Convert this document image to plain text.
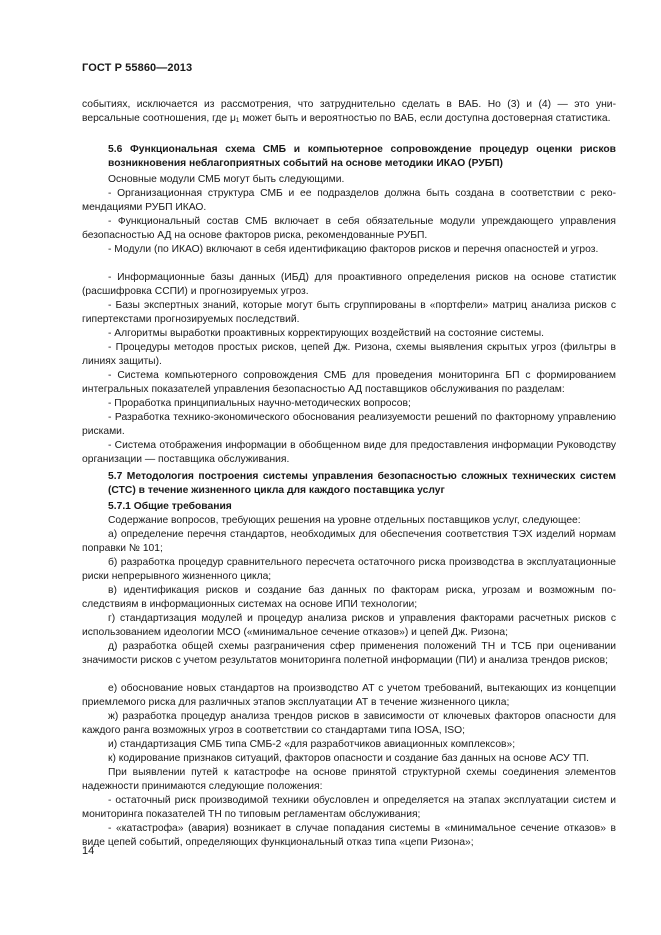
ГОСТ Р 55860—2013

событиях, исключается из рассмотрения, что затруднительно сделать в ВАБ. Но (3) и (4) — это универсальные соотношения, где μ₁ может быть и вероятностью по ВАБ, если доступна достоверная статистика.

5.6 Функциональная схема СМБ и компьютерное сопровождение процедур оценки рисков возникновения неблагоприятных событий на основе методики ИКАО (РУБП)

Основные модули СМБ могут быть следующими.

- Организационная структура СМБ и ее подразделов должна быть создана в соответствии с рекомендациями РУБП ИКАО.

- Функциональный состав СМБ включает в себя обязательные модули упреждающего управления безопасностью АД на основе факторов риска, рекомендованные РУБП.

- Модули (по ИКАО) включают в себя идентификацию факторов рисков и перечня опасностей и угроз.

- Информационные базы данных (ИБД) для проактивного определения рисков на основе статистик (расшифровка ССПИ) и прогнозируемых угроз.

- Базы экспертных знаний, которые могут быть сгруппированы в «портфели» матриц анализа рисков с гипертекстами прогнозируемых последствий.

- Алгоритмы выработки проактивных корректирующих воздействий на состояние системы.

- Процедуры методов простых рисков, цепей Дж. Ризона, схемы выявления скрытых угроз (фильтры в линиях защиты).

- Система компьютерного сопровождения СМБ для проведения мониторинга БП с формированием интегральных показателей управления безопасностью АД поставщиков обслуживания по разделам:

- Проработка принципиальных научно-методических вопросов;

- Разработка технико-экономического обоснования реализуемости решений по факторному управлению рисками.

- Система отображения информации в обобщенном виде для предоставления информации Руководству организации — поставщика обслуживания.

5.7 Методология построения системы управления безопасностью сложных технических систем (СТС) в течение жизненного цикла для каждого поставщика услуг

5.7.1 Общие требования

Содержание вопросов, требующих решения на уровне отдельных поставщиков услуг, следующее:

а) определение перечня стандартов, необходимых для обеспечения соответствия ТЭХ изделий нормам поправки № 101;

б) разработка процедур сравнительного пересчета остаточного риска производства в эксплуатационные риски непрерывного жизненного цикла;

в) идентификация рисков и создание баз данных по факторам риска, угрозам и возможным последствиям в информационных системах на основе ИПИ технологии;

г) стандартизация модулей и процедур анализа рисков и управления факторами расчетных рисков с использованием идеологии МСО («минимальное сечение отказов») и цепей Дж. Ризона;

д) разработка общей схемы разграничения сфер применения положений ТН и ТСБ при оценивании значимости рисков с учетом результатов мониторинга полетной информации (ПИ) и анализа трендов рисков;

е) обоснование новых стандартов на производство АТ с учетом требований, вытекающих из концепции приемлемого риска для различных этапов эксплуатации АТ в течение жизненного цикла;

ж) разработка процедур анализа трендов рисков в зависимости от ключевых факторов опасности для каждого ранга возможных угроз в соответствии со стандартами типа IOSA, ISO;

и) стандартизация СМБ типа СМБ-2 «для разработчиков авиационных комплексов»;

к) кодирование признаков ситуаций, факторов опасности и создание баз данных на основе АСУ ТП.

При выявлении путей к катастрофе на основе принятой структурной схемы соединения элементов надежности принимаются следующие положения:

- остаточный риск производимой техники обусловлен и определяется на этапах эксплуатации систем и мониторинга показателей ТН по типовым регламентам обслуживания;

- «катастрофа» (авария) возникает в случае попадания системы в «минимальное сечение отказов» в виде цепей событий, определяющих функциональный отказ типа «цепи Ризона»;

14
